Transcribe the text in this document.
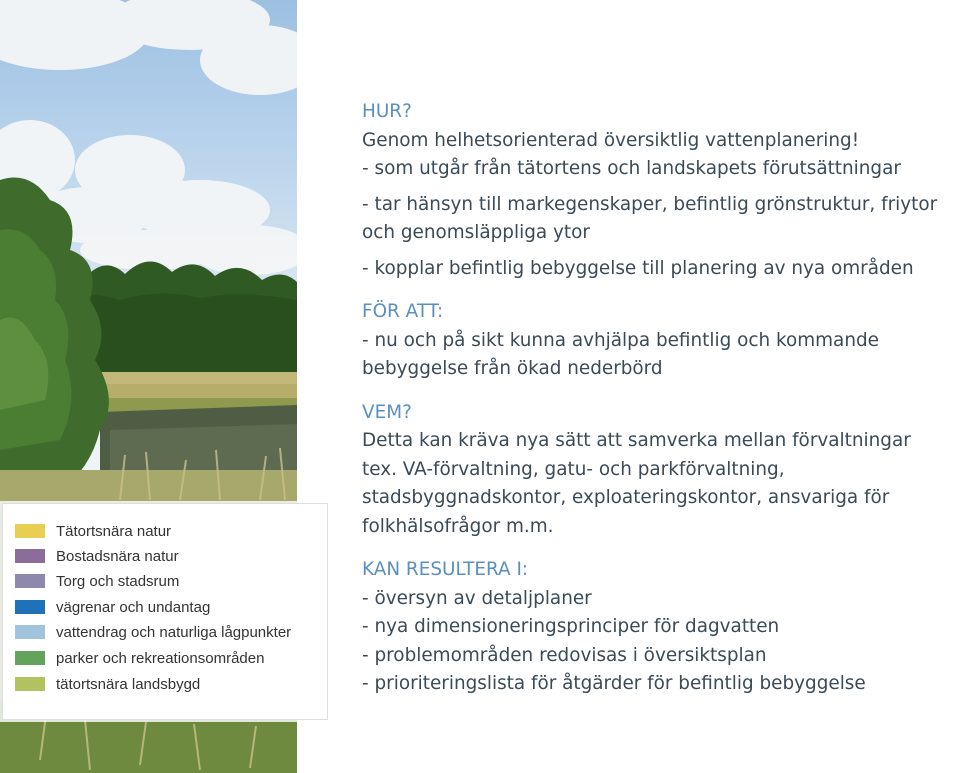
Tätortsnära natur
Bostadsnära natur
Torg och stadsrum
vägrenar och undantag
vattendrag och naturliga lågpunkter
parker och rekreationsområden
tätortsnära landsbygd

HUR?

Genom helhetsorienterad översiktlig vattenplanering!

- som utgår från tätortens och landskapets förutsättningar

- tar hänsyn till markegenskaper, befintlig grönstruktur, friytor

och genomsläppliga ytor

- kopplar befintlig bebyggelse till planering av nya områden

FÖR ATT:

- nu och på sikt kunna avhjälpa befintlig och kommande

bebyggelse från ökad nederbörd

VEM?

Detta kan kräva nya sätt att samverka mellan förvaltningar

tex. VA-förvaltning, gatu- och parkförvaltning,

stadsbyggnadskontor, exploateringskontor, ansvariga för

folkhälsofrågor m.m.

KAN RESULTERA I:

- översyn av detaljplaner

- nya dimensioneringsprinciper för dagvatten

- problemområden redovisas i översiktsplan

- prioriteringslista för åtgärder för befintlig bebyggelse
